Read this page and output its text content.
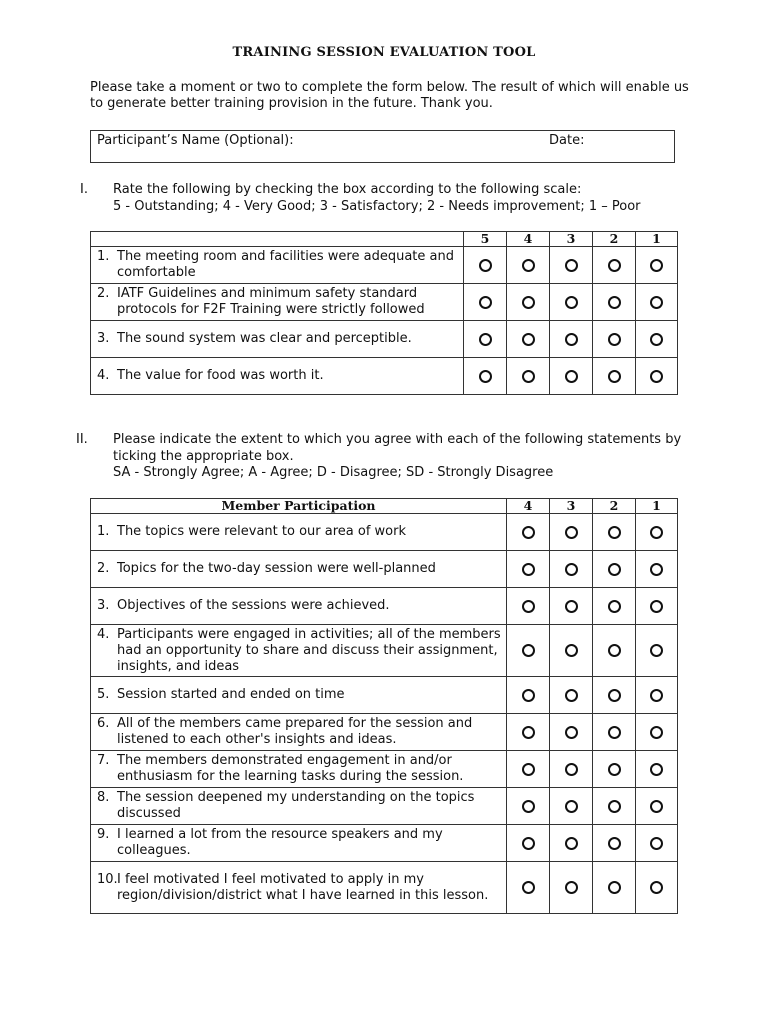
TRAINING SESSION EVALUATION TOOL
Please take a moment or two to complete the form below. The result of which will enable us to generate better training provision in the future. Thank you.
Participant’s Name (Optional):	Date:
I. Rate the following by checking the box according to the following scale:
5 - Outstanding; 4 - Very Good; 3 - Satisfactory; 2 - Needs improvement; 1 – Poor
	5	4	3	2	1

1. The meeting room and facilities were adequate and comfortable					

2. IATF Guidelines and minimum safety standard protocols for F2F Training were strictly followed					

3. The sound system was clear and perceptible.					

4. The value for food was worth it.					

II. Please indicate the extent to which you agree with each of the following statements by ticking the appropriate box.
SA - Strongly Agree; A - Agree; D - Disagree; SD - Strongly Disagree
Member Participation	4	3	2	1

1. The topics were relevant to our area of work				

2. Topics for the two-day session were well-planned				

3. Objectives of the sessions were achieved.				

4. Participants were engaged in activities; all of the members had an opportunity to share and discuss their assignment, insights, and ideas				

5. Session started and ended on time				

6. All of the members came prepared for the session and listened to each other's insights and ideas.				

7. The members demonstrated engagement in and/or enthusiasm for the learning tasks during the session.				

8. The session deepened my understanding on the topics discussed				

9. I learned a lot from the resource speakers and my colleagues.				

10. I feel motivated I feel motivated to apply in my region/division/district what I have learned in this lesson.				
